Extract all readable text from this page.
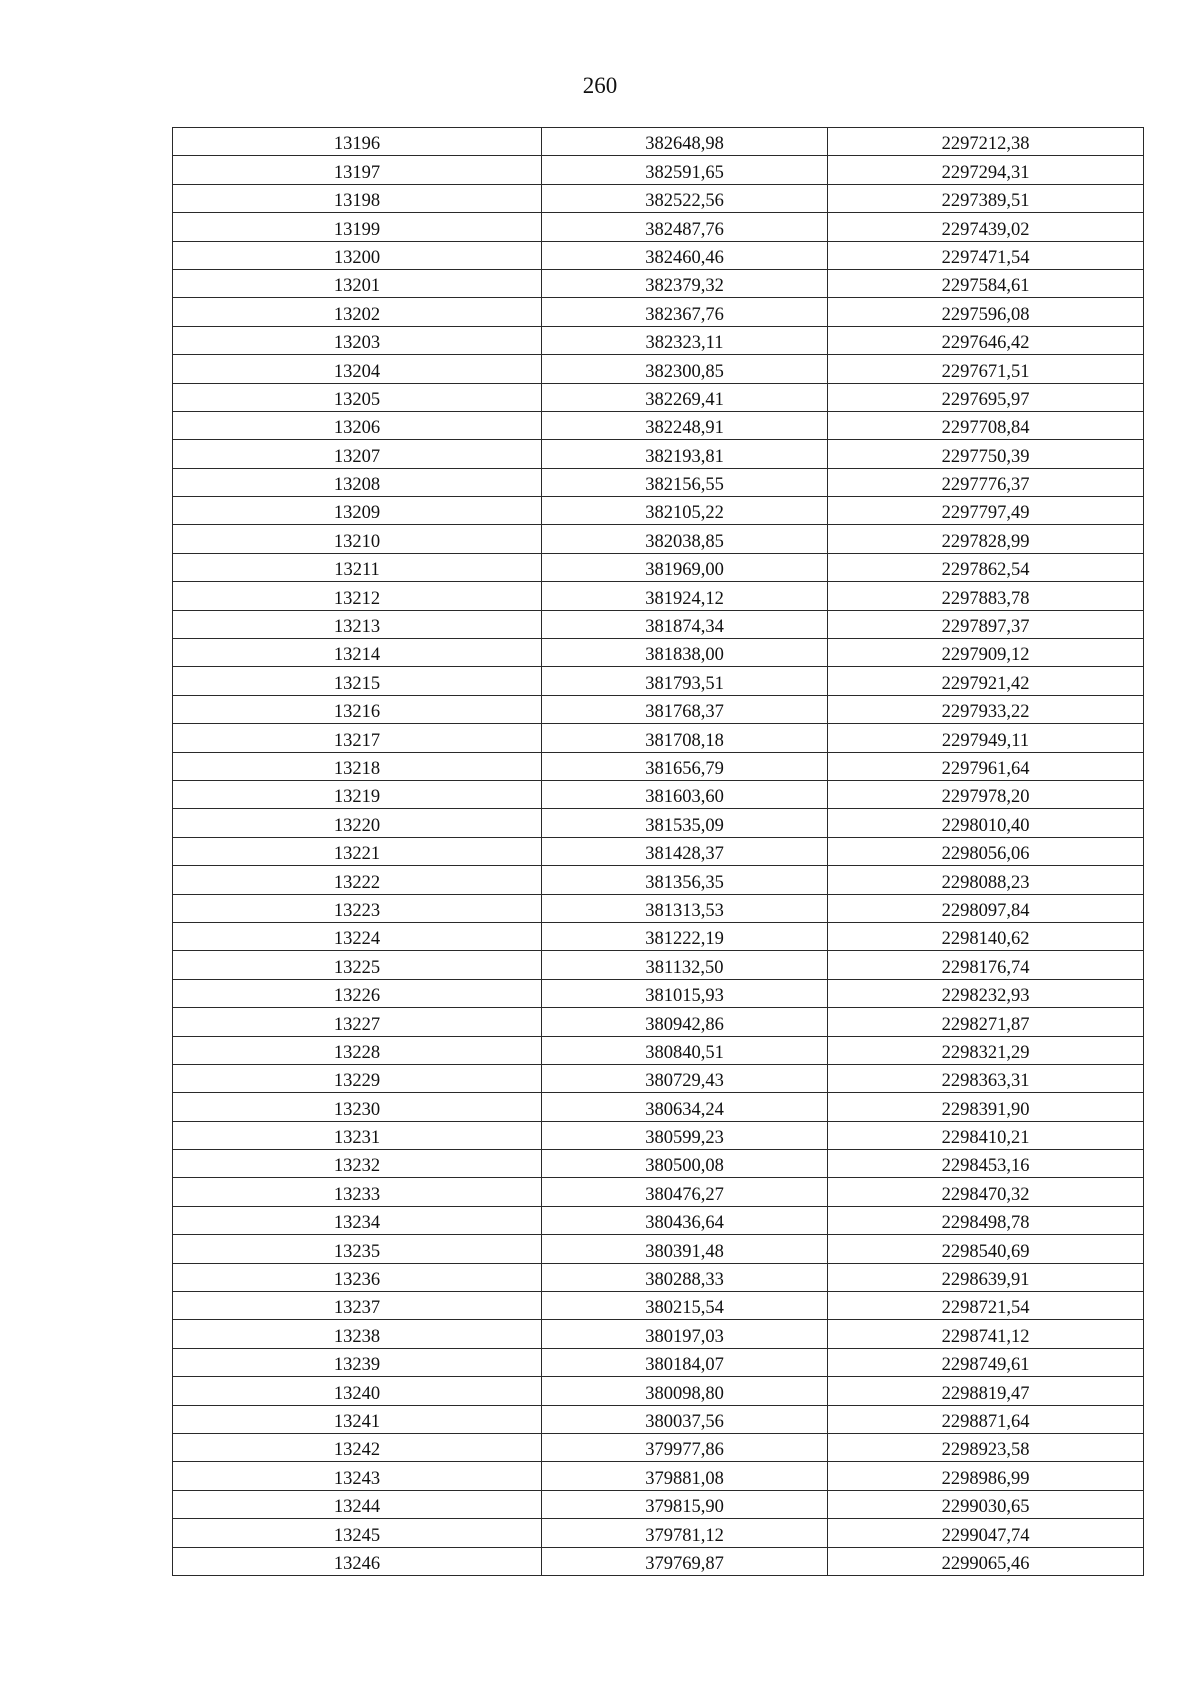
260
13196	382648,98	2297212,38
13197	382591,65	2297294,31
13198	382522,56	2297389,51
13199	382487,76	2297439,02
13200	382460,46	2297471,54
13201	382379,32	2297584,61
13202	382367,76	2297596,08
13203	382323,11	2297646,42
13204	382300,85	2297671,51
13205	382269,41	2297695,97
13206	382248,91	2297708,84
13207	382193,81	2297750,39
13208	382156,55	2297776,37
13209	382105,22	2297797,49
13210	382038,85	2297828,99
13211	381969,00	2297862,54
13212	381924,12	2297883,78
13213	381874,34	2297897,37
13214	381838,00	2297909,12
13215	381793,51	2297921,42
13216	381768,37	2297933,22
13217	381708,18	2297949,11
13218	381656,79	2297961,64
13219	381603,60	2297978,20
13220	381535,09	2298010,40
13221	381428,37	2298056,06
13222	381356,35	2298088,23
13223	381313,53	2298097,84
13224	381222,19	2298140,62
13225	381132,50	2298176,74
13226	381015,93	2298232,93
13227	380942,86	2298271,87
13228	380840,51	2298321,29
13229	380729,43	2298363,31
13230	380634,24	2298391,90
13231	380599,23	2298410,21
13232	380500,08	2298453,16
13233	380476,27	2298470,32
13234	380436,64	2298498,78
13235	380391,48	2298540,69
13236	380288,33	2298639,91
13237	380215,54	2298721,54
13238	380197,03	2298741,12
13239	380184,07	2298749,61
13240	380098,80	2298819,47
13241	380037,56	2298871,64
13242	379977,86	2298923,58
13243	379881,08	2298986,99
13244	379815,90	2299030,65
13245	379781,12	2299047,74
13246	379769,87	2299065,46
